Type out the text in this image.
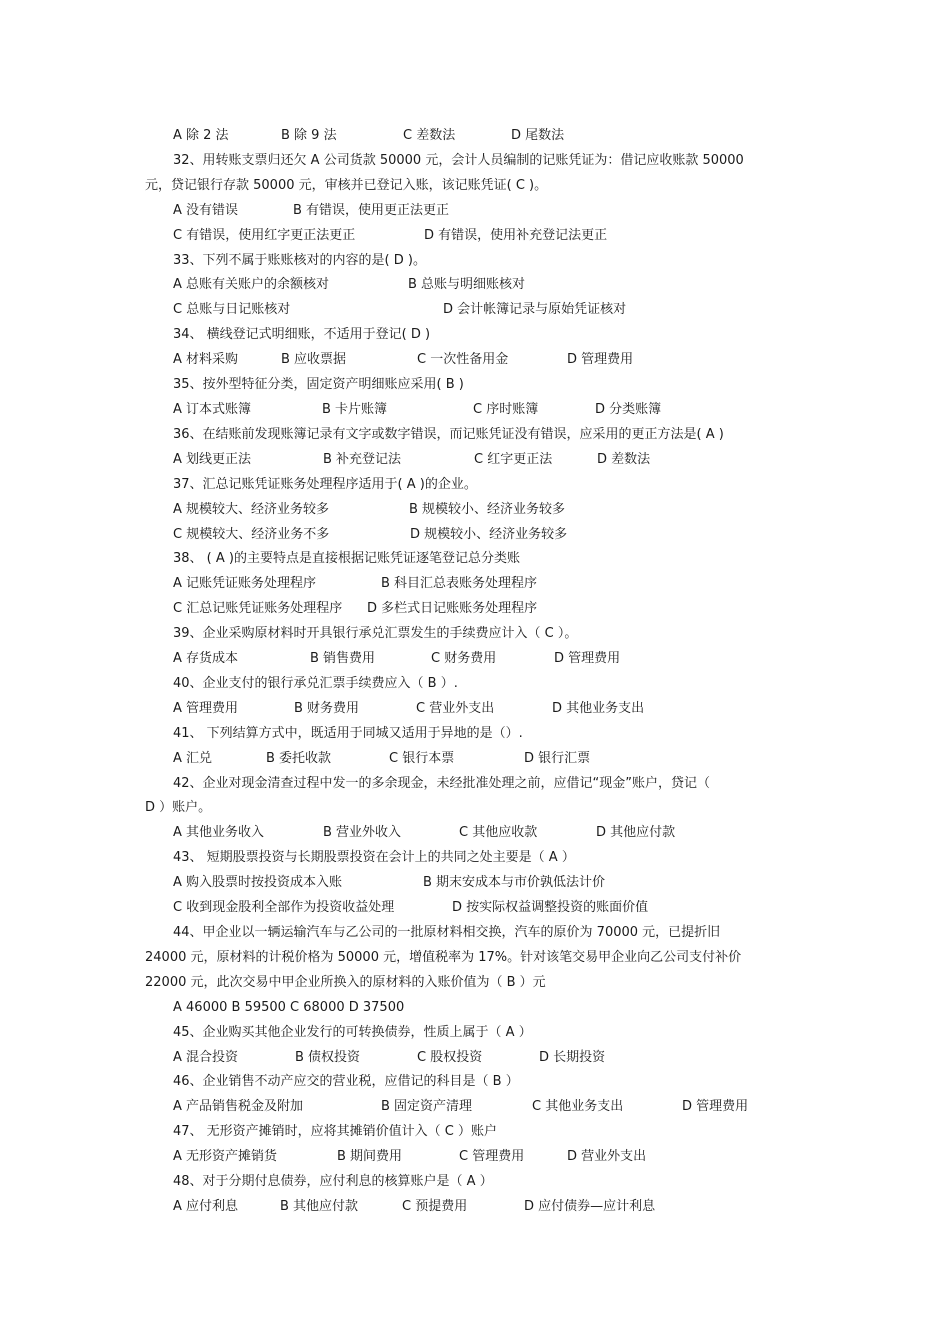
A 除 2 法	B 除 9 法	C 差数法	D 尾数法
32、用转账支票归还欠 A 公司货款 50000 元，会计人员编制的记账凭证为：借记应收账款 50000
元，贷记银行存款 50000 元，审核并已登记入账，该记账凭证( C )。
A 没有错误	B 有错误，使用更正法更正
C 有错误，使用红字更正法更正	D 有错误，使用补充登记法更正
33、下列不属于账账核对的内容的是( D )。
A 总账有关账户的余额核对	B 总账与明细账核对
C 总账与日记账核对	D 会计帐簿记录与原始凭证核对
34、 横线登记式明细账，不适用于登记( D )
A 材料采购	B 应收票据	C 一次性备用金	D 管理费用
35、按外型特征分类，固定资产明细账应采用( B )
A 订本式账簿	B 卡片账簿	C 序时账簿	D 分类账簿
36、在结账前发现账簿记录有文字或数字错误，而记账凭证没有错误，应采用的更正方法是( A )
A 划线更正法	B 补充登记法	C 红字更正法	D 差数法
37、汇总记账凭证账务处理程序适用于( A )的企业。
A 规模较大、经济业务较多	B 规模较小、经济业务较多
C 规模较大、经济业务不多	D 规模较小、经济业务较多
38、 ( A )的主要特点是直接根据记账凭证逐笔登记总分类账
A 记账凭证账务处理程序	B 科目汇总表账务处理程序
C 汇总记账凭证账务处理程序 D 多栏式日记账账务处理程序
39、企业采购原材料时开具银行承兑汇票发生的手续费应计入（ C ）。
A 存货成本	B 销售费用	C 财务费用	D 管理费用
40、企业支付的银行承兑汇票手续费应入（ B ）.
A 管理费用	B 财务费用	C 营业外支出	D 其他业务支出
41、 下列结算方式中，既适用于同城又适用于异地的是（）.
A 汇兑	B 委托收款	C 银行本票	D 银行汇票
42、企业对现金清查过程中发一的多余现金，未经批准处理之前，应借记“现金”账户，贷记（
D ）账户。
A 其他业务收入	B 营业外收入	C 其他应收款	D 其他应付款
43、 短期股票投资与长期股票投资在会计上的共同之处主要是（ A ）
A 购入股票时按投资成本入账	B 期末安成本与市价孰低法计价
C 收到现金股利全部作为投资收益处理	D 按实际权益调整投资的账面价值
44、甲企业以一辆运输汽车与乙公司的一批原材料相交换，汽车的原价为 70000 元，已提折旧
24000 元，原材料的计税价格为 50000 元，增值税率为 17%。针对该笔交易甲企业向乙公司支付补价
22000 元，此次交易中甲企业所换入的原材料的入账价值为（ B ）元
A 46000 B 59500 C 68000 D 37500
45、企业购买其他企业发行的可转换债券，性质上属于（ A ）
A 混合投资	B 债权投资	C 股权投资	D 长期投资
46、企业销售不动产应交的营业税，应借记的科目是（ B ）
A 产品销售税金及附加	B 固定资产清理	C 其他业务支出	D 管理费用
47、 无形资产摊销时，应将其摊销价值计入（ C ）账户
A 无形资产摊销货	B 期间费用	C 管理费用	D 营业外支出
48、对于分期付息债券，应付利息的核算账户是（ A ）
A 应付利息	B 其他应付款	C 预提费用	D 应付债券—应计利息
